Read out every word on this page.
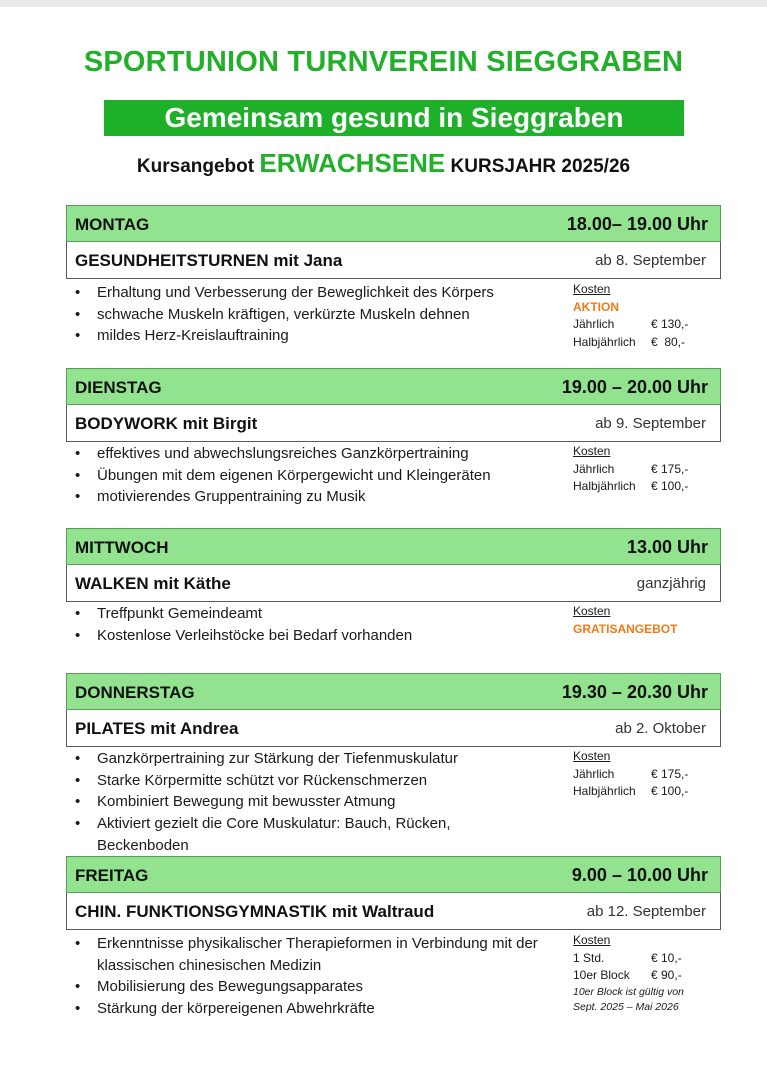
SPORTUNION TURNVEREIN SIEGGRABEN
Gemeinsam gesund in Sieggraben
Kursangebot ERWACHSENE KURSJAHR 2025/26
MONTAG	18.00– 19.00 Uhr
GESUNDHEITSTURNEN mit Jana	ab 8. September
• Erhaltung und Verbesserung der Beweglichkeit des Körpers
• schwache Muskeln kräftigen, verkürzte Muskeln dehnen
• mildes Herz-Kreislauftraining
Kosten
AKTION
Jährlich	€ 130,-
Halbjährlich	€  80,-
DIENSTAG	19.00 – 20.00 Uhr
BODYWORK mit Birgit	ab 9. September
• effektives und abwechslungsreiches Ganzkörpertraining
• Übungen mit dem eigenen Körpergewicht und Kleingeräten
• motivierendes Gruppentraining zu Musik
Kosten
Jährlich	€ 175,-
Halbjährlich	€ 100,-
MITTWOCH	13.00 Uhr
WALKEN mit Käthe	ganzjährig
• Treffpunkt Gemeindeamt
• Kostenlose Verleihstöcke bei Bedarf vorhanden
Kosten
GRATISANGEBOT
DONNERSTAG	19.30 – 20.30 Uhr
PILATES mit Andrea	ab 2. Oktober
• Ganzkörpertraining zur Stärkung der Tiefenmuskulatur
• Starke Körpermitte schützt vor Rückenschmerzen
• Kombiniert Bewegung mit bewusster Atmung
• Aktiviert gezielt die Core Muskulatur: Bauch, Rücken, Beckenboden
Kosten
Jährlich	€ 175,-
Halbjährlich	€ 100,-
FREITAG	9.00 – 10.00 Uhr
CHIN. FUNKTIONSGYMNASTIK mit Waltraud	ab 12. September
• Erkenntnisse physikalischer Therapieformen in Verbindung mit der klassischen chinesischen Medizin
• Mobilisierung des Bewegungsapparates
• Stärkung der körpereigenen Abwehrkräfte
Kosten
1 Std.	€ 10,-
10er Block	€ 90,-
10er Block ist gültig von Sept. 2025 – Mai 2026
